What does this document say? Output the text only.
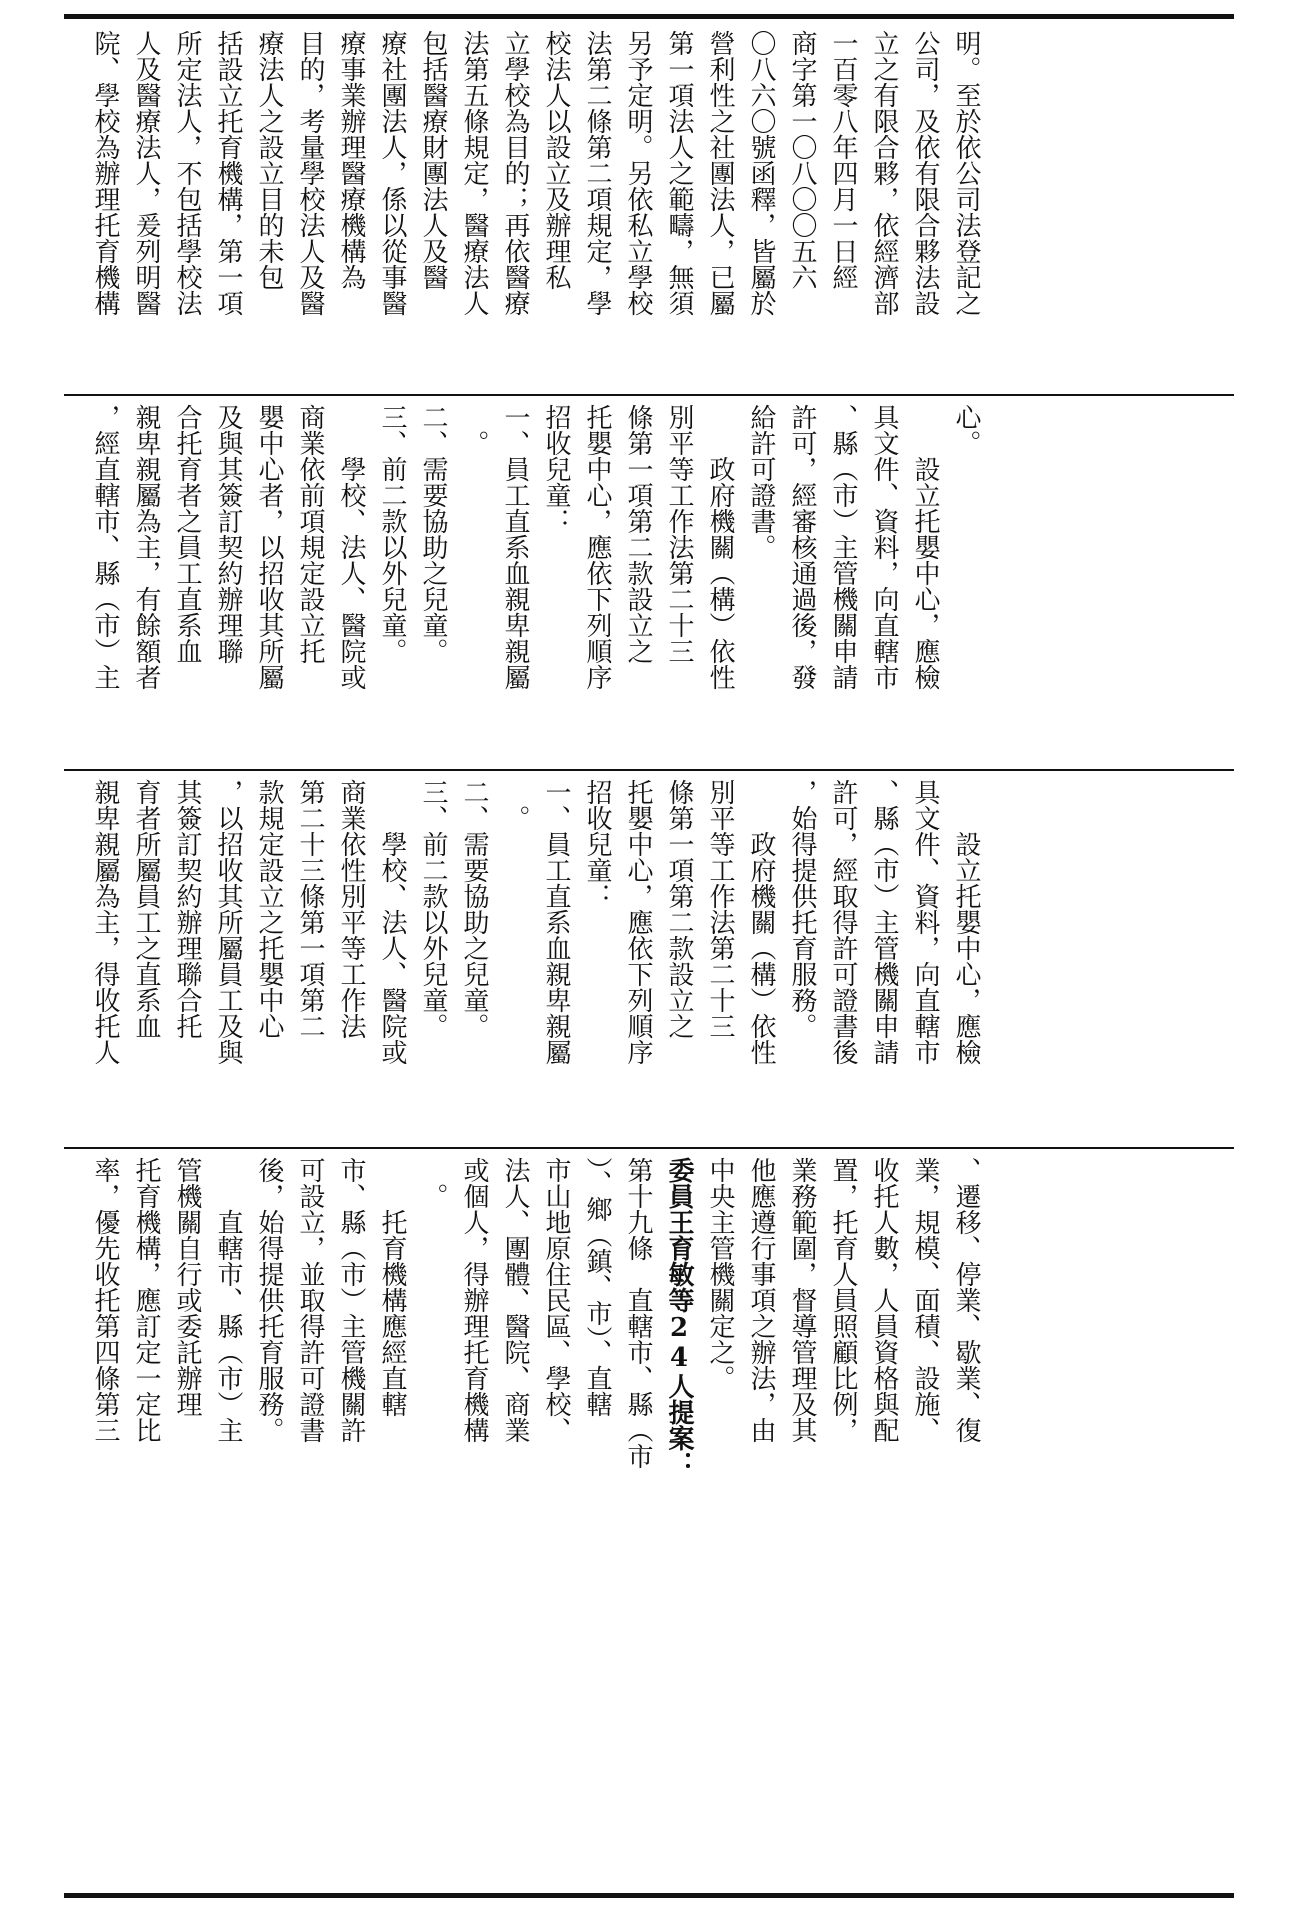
明。至於依公司法登記之
公司，及依有限合夥法設
立之有限合夥，依經濟部
一百零八年四月一日經
商字第一〇八〇〇五六
〇八六〇號函釋，皆屬於
營利性之社團法人，已屬
第一項法人之範疇，無須
另予定明。另依私立學校
法第二條第二項規定，學
校法人以設立及辦理私
立學校為目的；再依醫療
法第五條規定，醫療法人
包括醫療財團法人及醫
療社團法人，係以從事醫
療事業辦理醫療機構為
目的，考量學校法人及醫
療法人之設立目的未包
括設立托育機構，第一項
所定法人，不包括學校法
人及醫療法人，爰列明醫
院、學校為辦理托育機構
心。
　　設立托嬰中心，應檢
具文件、資料，向直轄市
、縣（市）主管機關申請
許可，經審核通過後，發
給許可證書。
　　政府機關（構）依性
別平等工作法第二十三
條第一項第二款設立之
托嬰中心，應依下列順序
招收兒童：
一、員工直系血親卑親屬
　。
二、需要協助之兒童。
三、前二款以外兒童。
　　學校、法人、醫院或
商業依前項規定設立托
嬰中心者，以招收其所屬
及與其簽訂契約辦理聯
合托育者之員工直系血
親卑親屬為主，有餘額者
，經直轄市、縣（市）主
　　設立托嬰中心，應檢
具文件、資料，向直轄市
、縣（市）主管機關申請
許可，經取得許可證書後
，始得提供托育服務。
　　政府機關（構）依性
別平等工作法第二十三
條第一項第二款設立之
托嬰中心，應依下列順序
招收兒童：
一、員工直系血親卑親屬
　。
二、需要協助之兒童。
三、前二款以外兒童。
　　學校、法人、醫院或
商業依性別平等工作法
第二十三條第一項第二
款規定設立之托嬰中心
，以招收其所屬員工及與
其簽訂契約辦理聯合托
育者所屬員工之直系血
親卑親屬為主，得收托人
、遷移、停業、歇業、復
業，規模、面積、設施、
收托人數，人員資格與配
置，托育人員照顧比例，
業務範圍，督導管理及其
他應遵行事項之辦法，由
中央主管機關定之。
委員王育敏等24人提案：
第十九條　直轄市、縣（市
）、鄉（鎮、市）、直轄
市山地原住民區、學校、
法人、團體、醫院、商業
或個人，得辦理托育機構
　。
　　托育機構應經直轄
市、縣（市）主管機關許
可設立，並取得許可證書
後，始得提供托育服務。
　　直轄市、縣（市）主
管機關自行或委託辦理
托育機構，應訂定一定比
率，優先收托第四條第三
